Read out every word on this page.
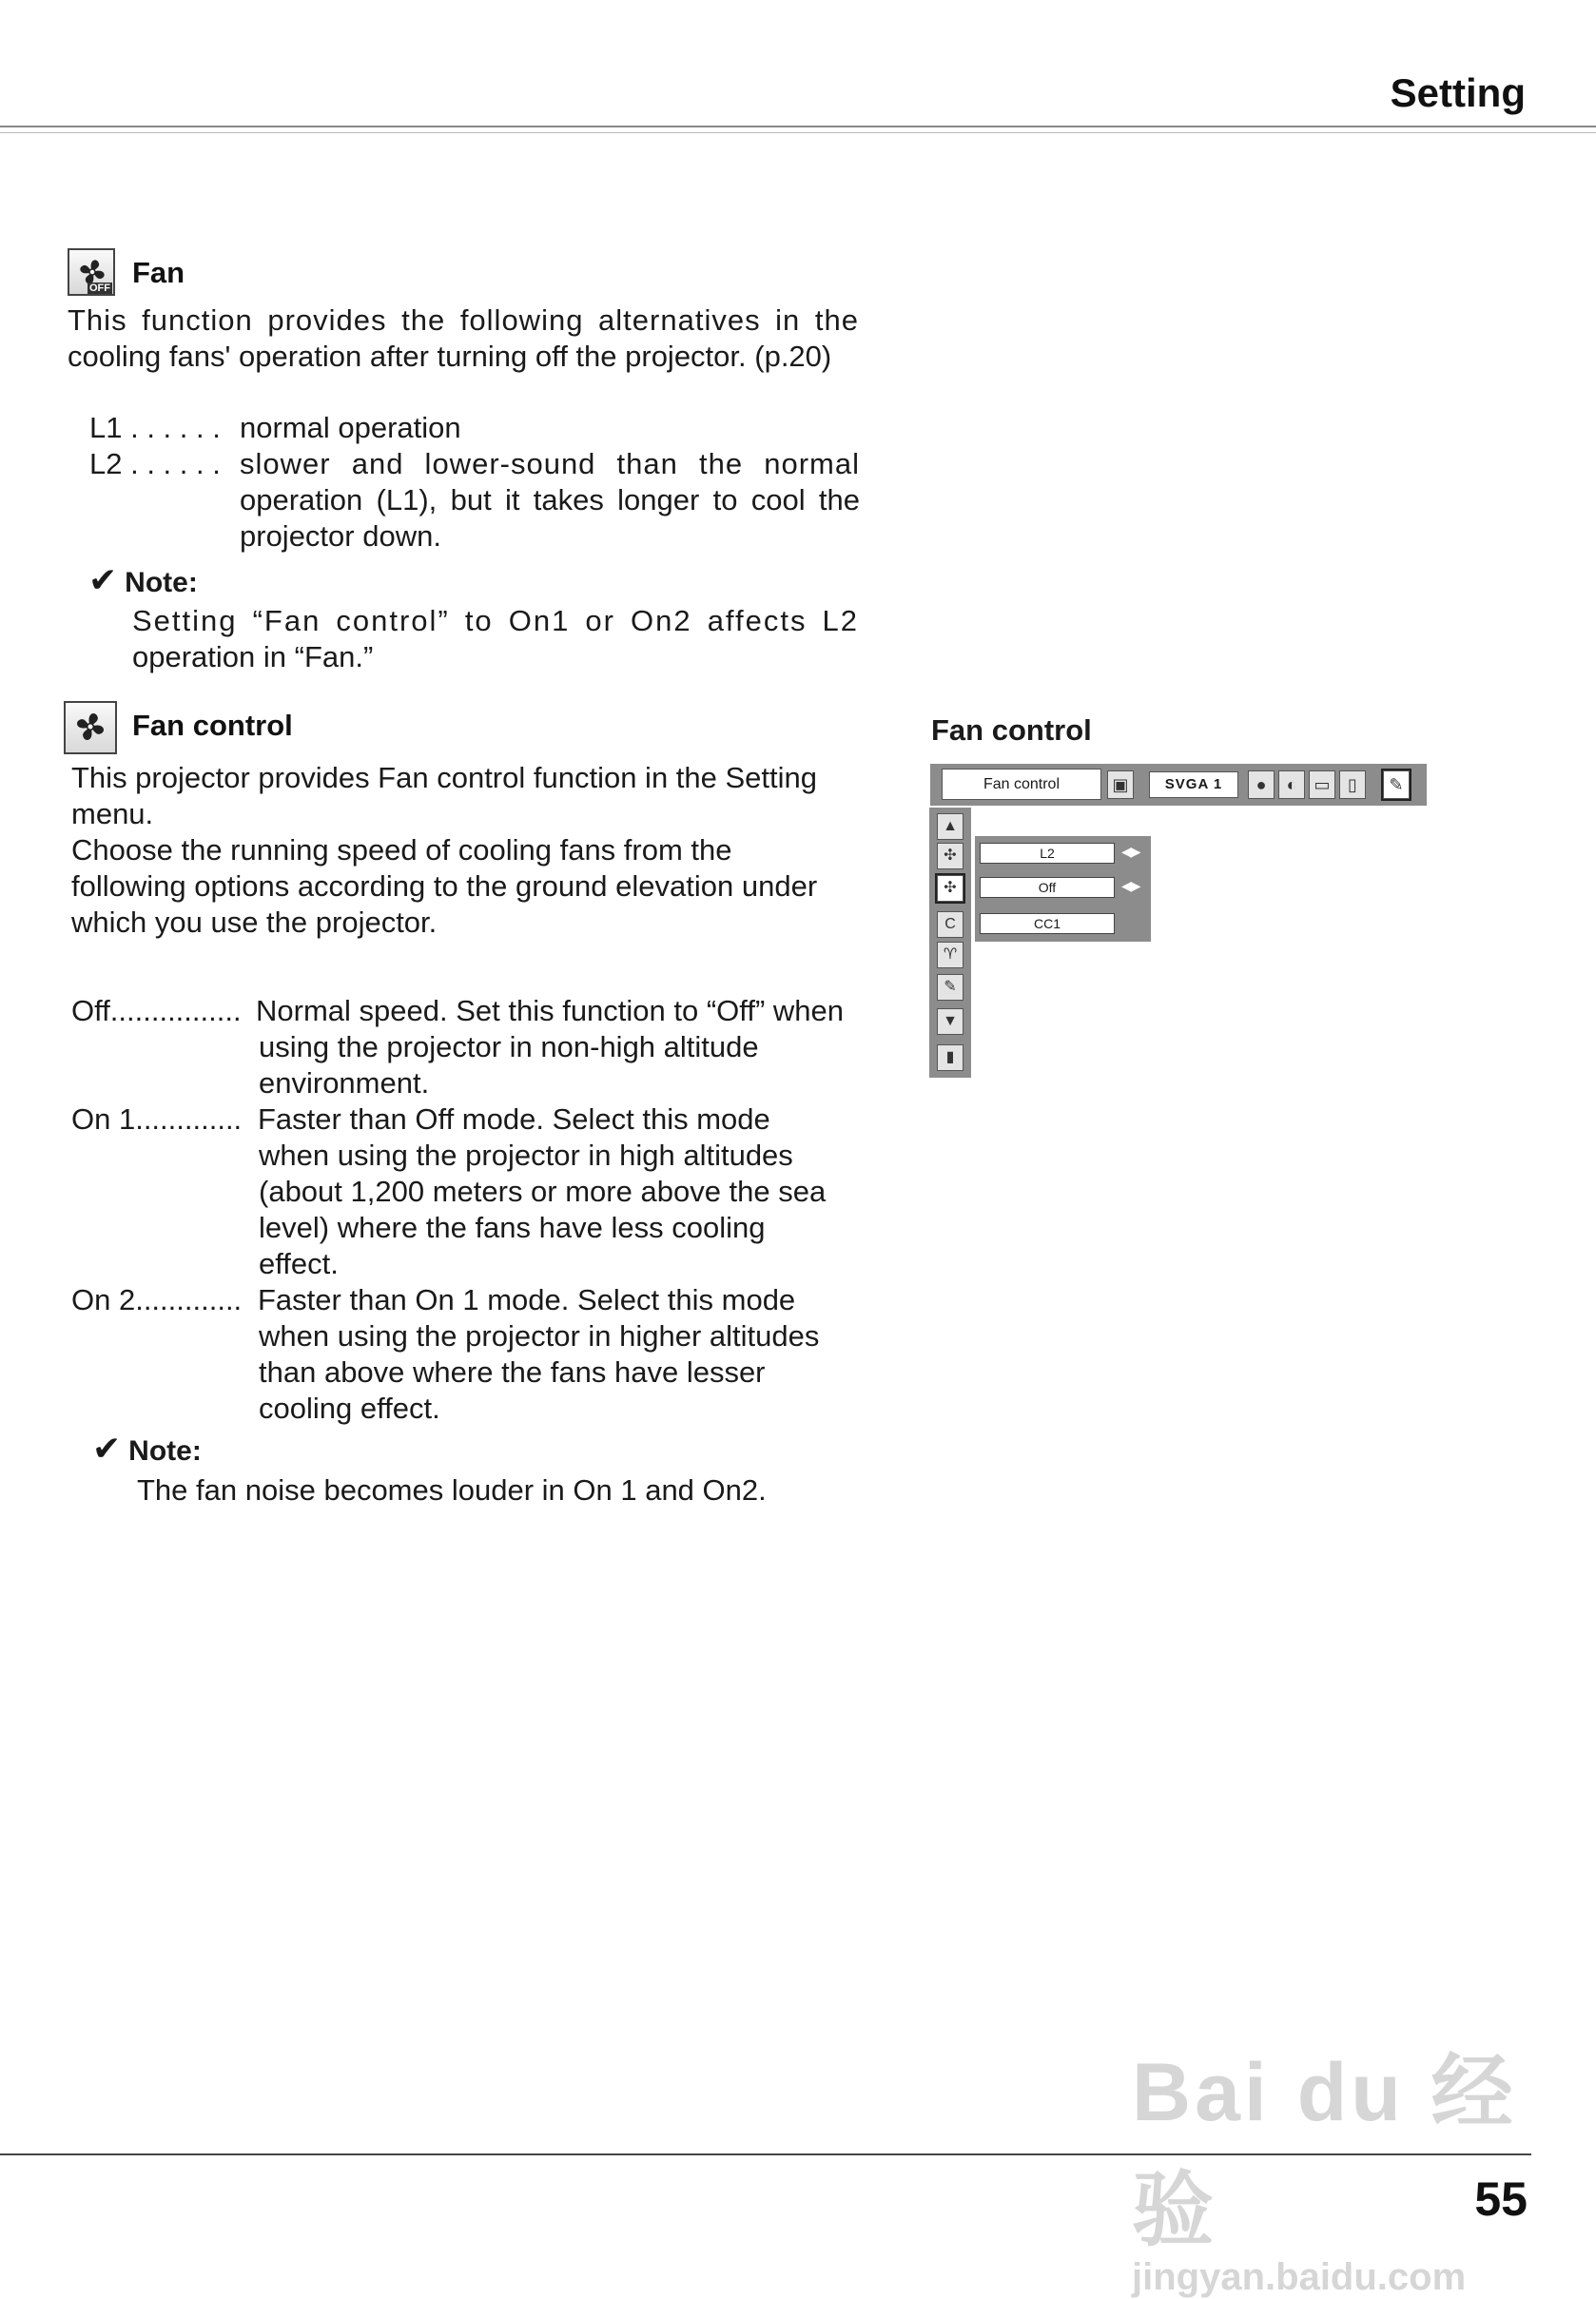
Setting
OFF Fan
This function provides the following alternatives in the
cooling fans' operation after turning off the projector. (p.20)
L1 . . . . . . normal operation
L2 . . . . . . slower and lower-sound than the normal
operation (L1), but it takes longer to cool the
projector down.
✔ Note:
Setting “Fan control” to On1 or On2 affects L2
operation in “Fan.”
Fan control
This projector provides Fan control function in the Setting
menu.
Choose the running speed of cooling fans from the
following options according to the ground elevation under
which you use the projector.
Off................ Normal speed. Set this function to “Off” when
using the projector in non-high altitude
environment.
On 1............. Faster than Off mode. Select this mode
when using the projector in high altitudes
(about 1,200 meters or more above the sea
level) where the fans have less cooling
effect.
On 2............. Faster than On 1 mode. Select this mode
when using the projector in higher altitudes
than above where the fans have lesser
cooling effect.
✔ Note:
The fan noise becomes louder in On 1 and On2.
Fan control
Fan control	▣	SVGA 1	●	◐	▭	▯	✎
▲
✣
✣
C
♈
✎
▼
▮
L2	◀▶
Off	◀▶
CC1
Bai du 经验
jingyan.baidu.com
55
